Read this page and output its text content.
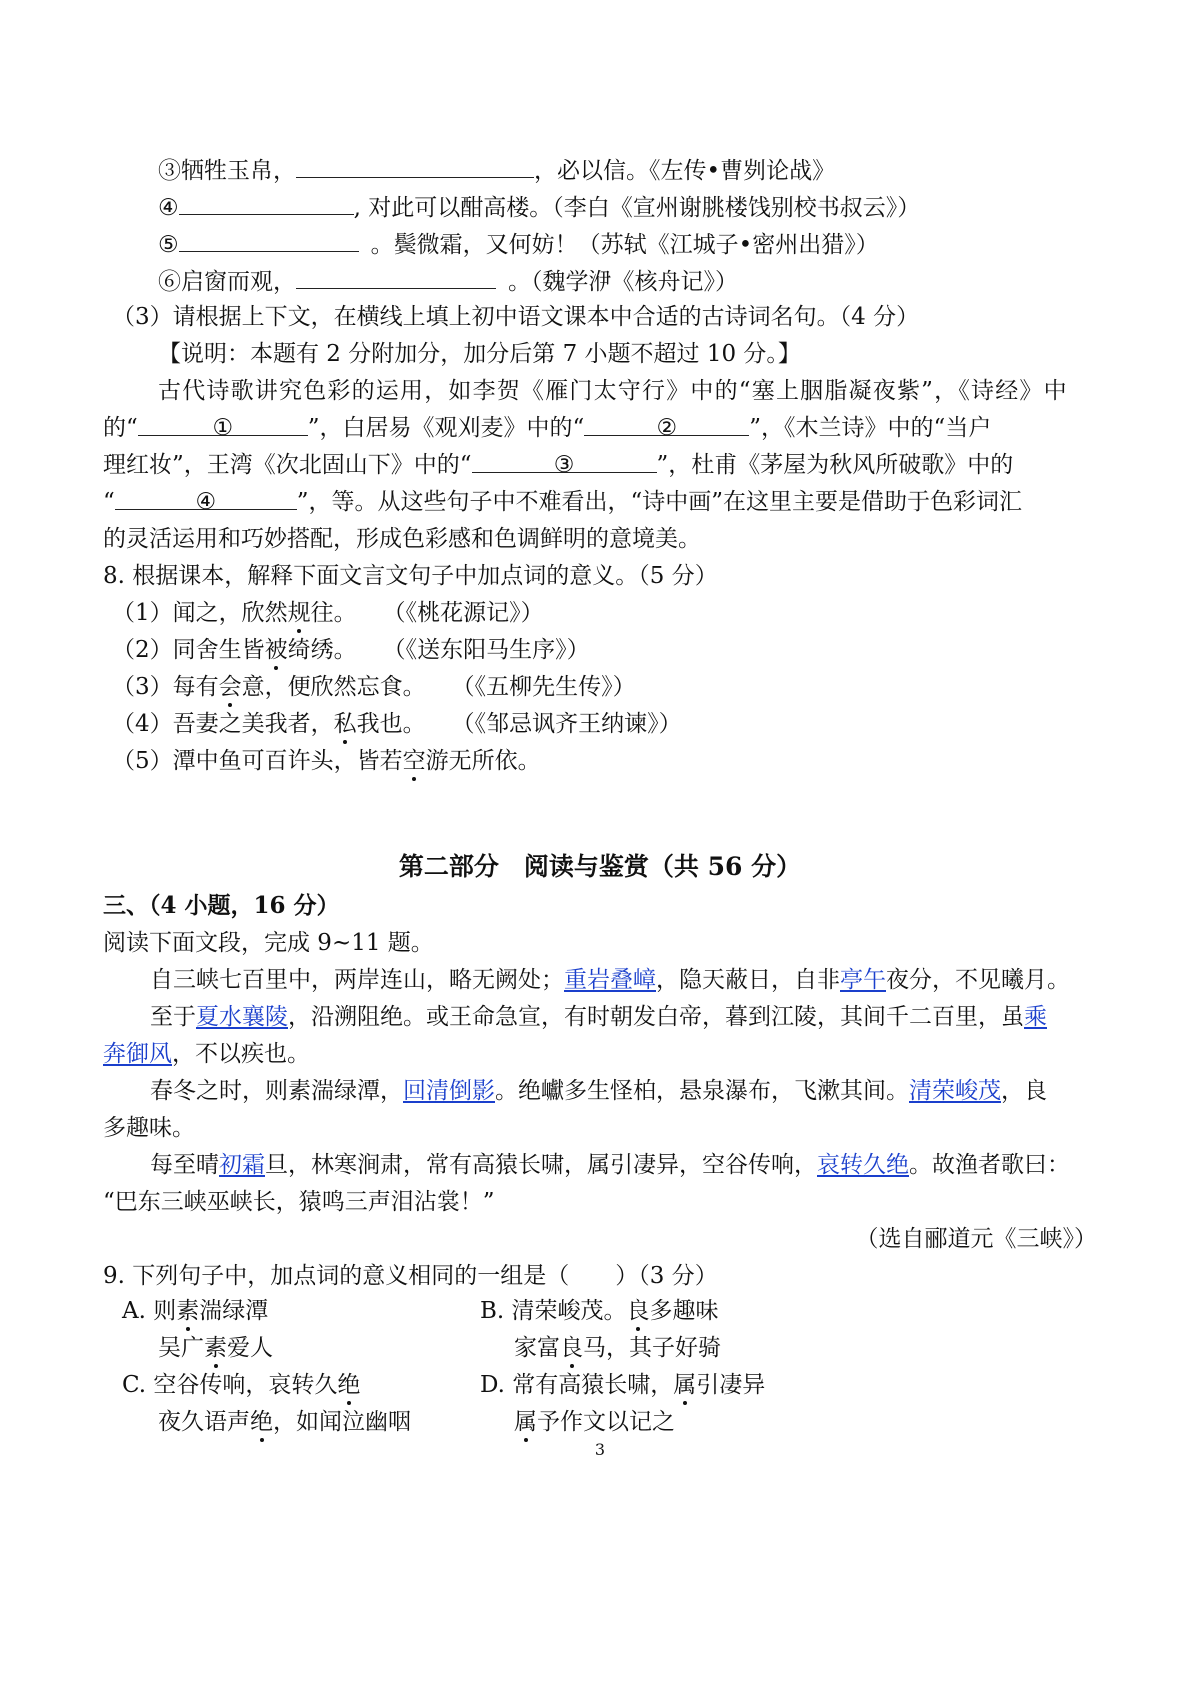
③牺牲玉帛，	，必以信。《左传•曹刿论战》
④	, 对此可以酣高楼。（李白《宣州谢朓楼饯别校书叔云》）
⑤	。鬓微霜，又何妨！（苏轼《江城子•密州出猎》）
⑥启窗而观，	。（魏学洢《核舟记》）
（3）请根据上下文，在横线上填上初中语文课本中合适的古诗词名句。（4 分）
【说明：本题有 2 分附加分，加分后第 7 小题不超过 10 分。】
古代诗歌讲究色彩的运用，如李贺《雁门太守行》中的“塞上胭脂凝夜紫”，《诗经》中
的“	①	”，白居易《观刈麦》中的“	②	”，《木兰诗》中的“当户
理红妆”，王湾《次北固山下》中的“	③	”，杜甫《茅屋为秋风所破歌》中的
“	④	”，等。从这些句子中不难看出，“诗中画”在这里主要是借助于色彩词汇
的灵活运用和巧妙搭配，形成色彩感和色调鲜明的意境美。
8. 根据课本，解释下面文言文句子中加点词的意义。（5 分）
（1）闻之，欣然规往。 （《桃花源记》）
（2）同舍生皆被绮绣。 （《送东阳马生序》）
（3）每有会意，便欣然忘食。 （《五柳先生传》）
（4）吾妻之美我者，私我也。 （《邹忌讽齐王纳谏》）
（5）潭中鱼可百许头，皆若空游无所依。
第二部分　阅读与鉴赏（共 56 分）
三、（4 小题，16 分）
阅读下面文段，完成 9~11 题。
自三峡七百里中，两岸连山，略无阙处；重岩叠嶂，隐天蔽日，自非亭午夜分，不见曦月。
至于夏水襄陵，沿溯阻绝。或王命急宣，有时朝发白帝，暮到江陵，其间千二百里，虽乘
奔御风，不以疾也。
春冬之时，则素湍绿潭，回清倒影。绝巘多生怪柏，悬泉瀑布，飞漱其间。清荣峻茂，良
多趣味。
每至晴初霜旦，林寒涧肃，常有高猿长啸，属引凄异，空谷传响，哀转久绝。故渔者歌曰：
“巴东三峡巫峡长，猿鸣三声泪沾裳！”
（选自郦道元《三峡》）
9. 下列句子中，加点词的意义相同的一组是（　　）（3 分）
A. 则素湍绿潭
吴广素爱人
B. 清荣峻茂。良多趣味
家富良马，其子好骑
C. 空谷传响，哀转久绝
夜久语声绝，如闻泣幽咽
D. 常有高猿长啸，属引凄异
属予作文以记之
3
